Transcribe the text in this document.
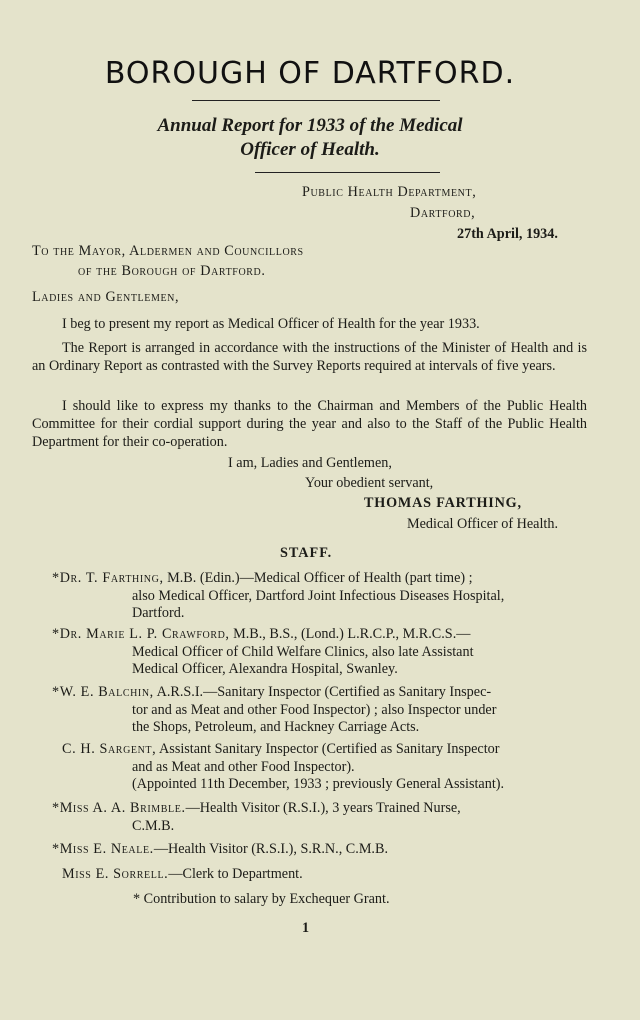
BOROUGH OF DARTFORD.
Annual Report for 1933 of the Medical
Officer of Health.
Public Health Department,
Dartford,
27th April, 1934.
To the Mayor, Aldermen and Councillors
of the Borough of Dartford.
Ladies and Gentlemen,
I beg to present my report as Medical Officer of Health for the year 1933.
The Report is arranged in accordance with the instructions of the Minister of Health and is an Ordinary Report as contrasted with the Survey Reports required at intervals of five years.
I should like to express my thanks to the Chairman and Members of the Public Health Committee for their cordial support during the year and also to the Staff of the Public Health Department for their co-operation.
I am, Ladies and Gentlemen,
Your obedient servant,
THOMAS FARTHING,
Medical Officer of Health.
STAFF.
*Dr. T. Farthing, M.B. (Edin.)—Medical Officer of Health (part time) ;
also Medical Officer, Dartford Joint Infectious Diseases Hospital,
Dartford.
*Dr. Marie L. P. Crawford, M.B., B.S., (Lond.) L.R.C.P., M.R.C.S.—
Medical Officer of Child Welfare Clinics, also late Assistant
Medical Officer, Alexandra Hospital, Swanley.
*W. E. Balchin, A.R.S.I.—Sanitary Inspector (Certified as Sanitary Inspec-
tor and as Meat and other Food Inspector) ; also Inspector under
the Shops, Petroleum, and Hackney Carriage Acts.
C. H. Sargent, Assistant Sanitary Inspector (Certified as Sanitary Inspector
and as Meat and other Food Inspector).
(Appointed 11th December, 1933 ; previously General Assistant).
*Miss A. A. Brimble.—Health Visitor (R.S.I.), 3 years Trained Nurse,
C.M.B.
*Miss E. Neale.—Health Visitor (R.S.I.), S.R.N., C.M.B.
Miss E. Sorrell.—Clerk to Department.
* Contribution to salary by Exchequer Grant.
1
